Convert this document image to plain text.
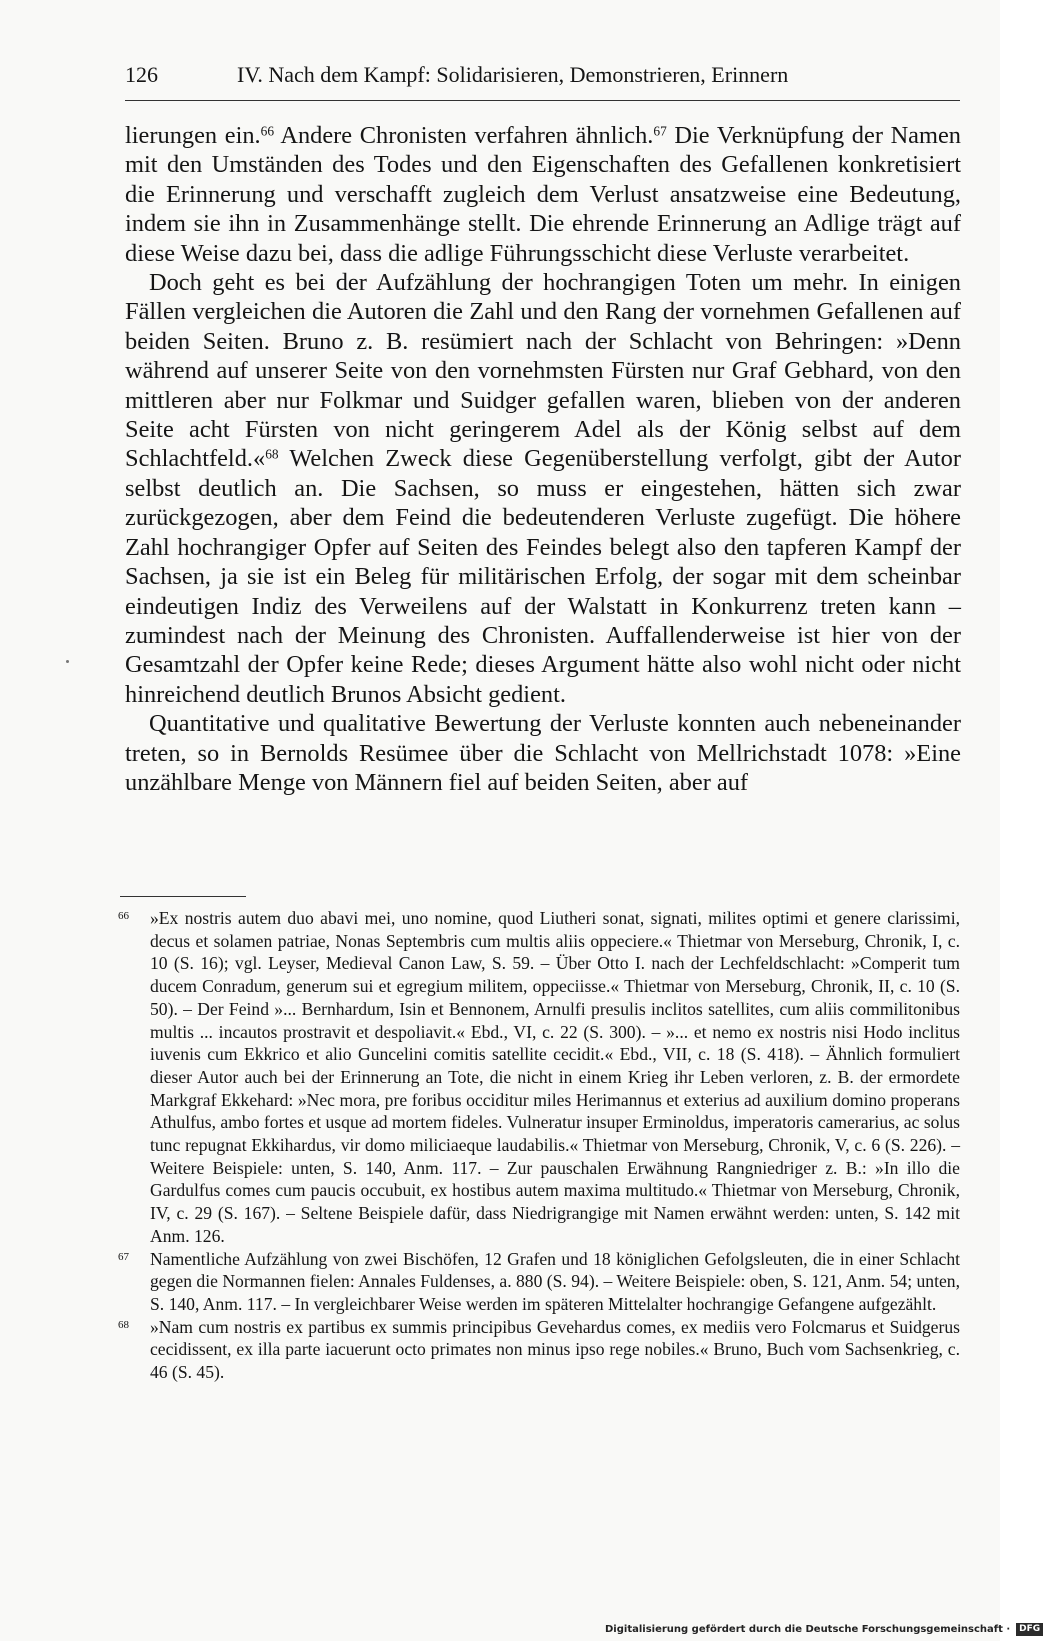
126	IV. Nach dem Kampf: Solidarisieren, Demonstrieren, Erinnern

lierungen ein.$^{66}$ Andere Chronisten verfahren ähnlich.$^{67}$ Die Verknüpfung der Namen mit den Umständen des Todes und den Eigenschaften des Gefallenen konkretisiert die Erinnerung und verschafft zugleich dem Verlust ansatzweise eine Bedeutung, indem sie ihn in Zusammenhänge stellt. Die ehrende Erinnerung an Adlige trägt auf diese Weise dazu bei, dass die adlige Führungsschicht diese Verluste verarbeitet.

Doch geht es bei der Aufzählung der hochrangigen Toten um mehr. In einigen Fällen vergleichen die Autoren die Zahl und den Rang der vornehmen Gefallenen auf beiden Seiten. Bruno z. B. resümiert nach der Schlacht von Behringen: »Denn während auf unserer Seite von den vornehmsten Fürsten nur Graf Gebhard, von den mittleren aber nur Folkmar und Suidger gefallen waren, blieben von der anderen Seite acht Fürsten von nicht geringerem Adel als der König selbst auf dem Schlachtfeld.«$^{68}$ Welchen Zweck diese Gegenüberstellung verfolgt, gibt der Autor selbst deutlich an. Die Sachsen, so muss er eingestehen, hätten sich zwar zurückgezogen, aber dem Feind die bedeutenderen Verluste zugefügt. Die höhere Zahl hochrangiger Opfer auf Seiten des Feindes belegt also den tapferen Kampf der Sachsen, ja sie ist ein Beleg für militärischen Erfolg, der sogar mit dem scheinbar eindeutigen Indiz des Verweilens auf der Walstatt in Konkurrenz treten kann – zumindest nach der Meinung des Chronisten. Auffallenderweise ist hier von der Gesamtzahl der Opfer keine Rede; dieses Argument hätte also wohl nicht oder nicht hinreichend deutlich Brunos Absicht gedient.

Quantitative und qualitative Bewertung der Verluste konnten auch nebeneinander treten, so in Bernolds Resümee über die Schlacht von Mellrichstadt 1078: »Eine unzählbare Menge von Männern fiel auf beiden Seiten, aber auf

66 »Ex nostris autem duo abavi mei, uno nomine, quod Liutheri sonat, signati, milites optimi et genere clarissimi, decus et solamen patriae, Nonas Septembris cum multis aliis oppeciere.« Thietmar von Merseburg, Chronik, I, c. 10 (S. 16); vgl. Leyser, Medieval Canon Law, S. 59. – Über Otto I. nach der Lechfeldschlacht: »Comperit tum ducem Conradum, generum sui et egregium militem, oppeciisse.« Thietmar von Merseburg, Chronik, II, c. 10 (S. 50). – Der Feind »... Bernhardum, Isin et Bennonem, Arnulfi presulis inclitos satellites, cum aliis commilitonibus multis ... incautos prostravit et despoliavit.« Ebd., VI, c. 22 (S. 300). – »... et nemo ex nostris nisi Hodo inclitus iuvenis cum Ekkrico et alio Guncelini comitis satellite cecidit.« Ebd., VII, c. 18 (S. 418). – Ähnlich formuliert dieser Autor auch bei der Erinnerung an Tote, die nicht in einem Krieg ihr Leben verloren, z. B. der ermordete Markgraf Ekkehard: »Nec mora, pre foribus occiditur miles Herimannus et exterius ad auxilium domino properans Athulfus, ambo fortes et usque ad mortem fideles. Vulneratur insuper Erminoldus, imperatoris camerarius, ac solus tunc repugnat Ekkihardus, vir domo miliciaeque laudabilis.« Thietmar von Merseburg, Chronik, V, c. 6 (S. 226). – Weitere Beispiele: unten, S. 140, Anm. 117. – Zur pauschalen Erwähnung Rangniedriger z. B.: »In illo die Gardulfus comes cum paucis occubuit, ex hostibus autem maxima multitudo.« Thietmar von Merseburg, Chronik, IV, c. 29 (S. 167). – Seltene Beispiele dafür, dass Niedrigrangige mit Namen erwähnt werden: unten, S. 142 mit Anm. 126.

67 Namentliche Aufzählung von zwei Bischöfen, 12 Grafen und 18 königlichen Gefolgsleuten, die in einer Schlacht gegen die Normannen fielen: Annales Fuldenses, a. 880 (S. 94). – Weitere Beispiele: oben, S. 121, Anm. 54; unten, S. 140, Anm. 117. – In vergleichbarer Weise werden im späteren Mittelalter hochrangige Gefangene aufgezählt.

68 »Nam cum nostris ex partibus ex summis principibus Gevehardus comes, ex mediis vero Folcmarus et Suidgerus cecidissent, ex illa parte iacuerunt octo primates non minus ipso rege nobiles.« Bruno, Buch vom Sachsenkrieg, c. 46 (S. 45).

Digitalisierung gefördert durch die Deutsche Forschungsgemeinschaft ·	DFG
